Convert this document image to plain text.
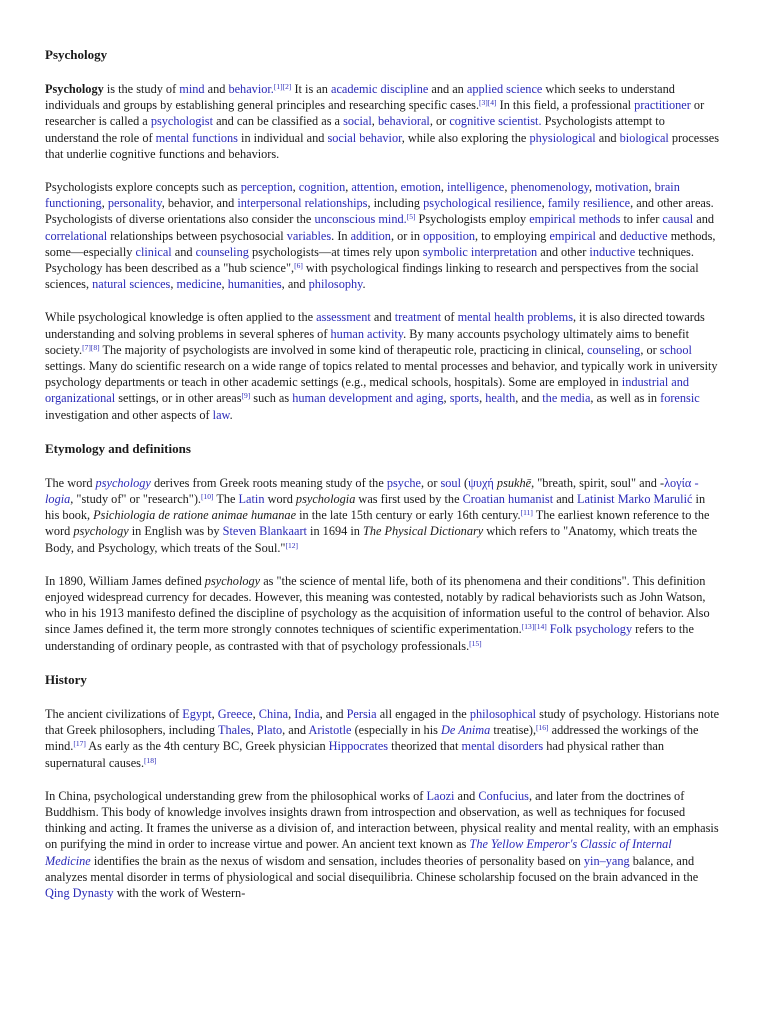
Psychology

Psychology is the study of mind and behavior.[1][2] It is an academic discipline and an applied science which seeks to understand individuals and groups by establishing general principles and researching specific cases.[3][4] In this field, a professional practitioner or researcher is called a psychologist and can be classified as a social, behavioral, or cognitive scientist. Psychologists attempt to understand the role of mental functions in individual and social behavior, while also exploring the physiological and biological processes that underlie cognitive functions and behaviors.

Psychologists explore concepts such as perception, cognition, attention, emotion, intelligence, phenomenology, motivation, brain functioning, personality, behavior, and interpersonal relationships, including psychological resilience, family resilience, and other areas. Psychologists of diverse orientations also consider the unconscious mind.[5] Psychologists employ empirical methods to infer causal and correlational relationships between psychosocial variables. In addition, or in opposition, to employing empirical and deductive methods, some—especially clinical and counseling psychologists—at times rely upon symbolic interpretation and other inductive techniques. Psychology has been described as a "hub science",[6] with psychological findings linking to research and perspectives from the social sciences, natural sciences, medicine, humanities, and philosophy.

While psychological knowledge is often applied to the assessment and treatment of mental health problems, it is also directed towards understanding and solving problems in several spheres of human activity. By many accounts psychology ultimately aims to benefit society.[7][8] The majority of psychologists are involved in some kind of therapeutic role, practicing in clinical, counseling, or school settings. Many do scientific research on a wide range of topics related to mental processes and behavior, and typically work in university psychology departments or teach in other academic settings (e.g., medical schools, hospitals). Some are employed in industrial and organizational settings, or in other areas[9] such as human development and aging, sports, health, and the media, as well as in forensic investigation and other aspects of law.

Etymology and definitions

The word psychology derives from Greek roots meaning study of the psyche, or soul (ψυχή psukhē, "breath, spirit, soul" and -λογία -logia, "study of" or "research").[10] The Latin word psychologia was first used by the Croatian humanist and Latinist Marko Marulić in his book, Psichiologia de ratione animae humanae in the late 15th century or early 16th century.[11] The earliest known reference to the word psychology in English was by Steven Blankaart in 1694 in The Physical Dictionary which refers to "Anatomy, which treats the Body, and Psychology, which treats of the Soul."[12]

In 1890, William James defined psychology as "the science of mental life, both of its phenomena and their conditions". This definition enjoyed widespread currency for decades. However, this meaning was contested, notably by radical behaviorists such as John Watson, who in his 1913 manifesto defined the discipline of psychology as the acquisition of information useful to the control of behavior. Also since James defined it, the term more strongly connotes techniques of scientific experimentation.[13][14] Folk psychology refers to the understanding of ordinary people, as contrasted with that of psychology professionals.[15]

History

The ancient civilizations of Egypt, Greece, China, India, and Persia all engaged in the philosophical study of psychology. Historians note that Greek philosophers, including Thales, Plato, and Aristotle (especially in his De Anima treatise),[16] addressed the workings of the mind.[17] As early as the 4th century BC, Greek physician Hippocrates theorized that mental disorders had physical rather than supernatural causes.[18]

In China, psychological understanding grew from the philosophical works of Laozi and Confucius, and later from the doctrines of Buddhism. This body of knowledge involves insights drawn from introspection and observation, as well as techniques for focused thinking and acting. It frames the universe as a division of, and interaction between, physical reality and mental reality, with an emphasis on purifying the mind in order to increase virtue and power. An ancient text known as The Yellow Emperor's Classic of Internal Medicine identifies the brain as the nexus of wisdom and sensation, includes theories of personality based on yin–yang balance, and analyzes mental disorder in terms of physiological and social disequilibria. Chinese scholarship focused on the brain advanced in the Qing Dynasty with the work of Western-
